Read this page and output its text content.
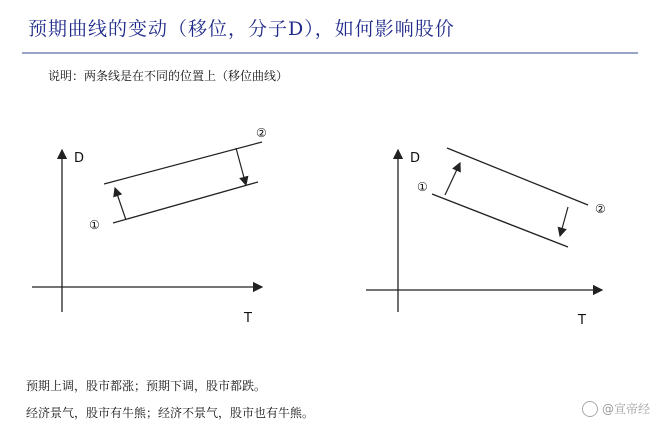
预期曲线的变动（移位，分子D），如何影响股价
说明：两条线是在不同的位置上（移位曲线）
D
T
①
②
D
T
①
②
预期上调，股市都涨；预期下调，股市都跌。
经济景气，股市有牛熊；经济不景气，股市也有牛熊。	@宣帝经
